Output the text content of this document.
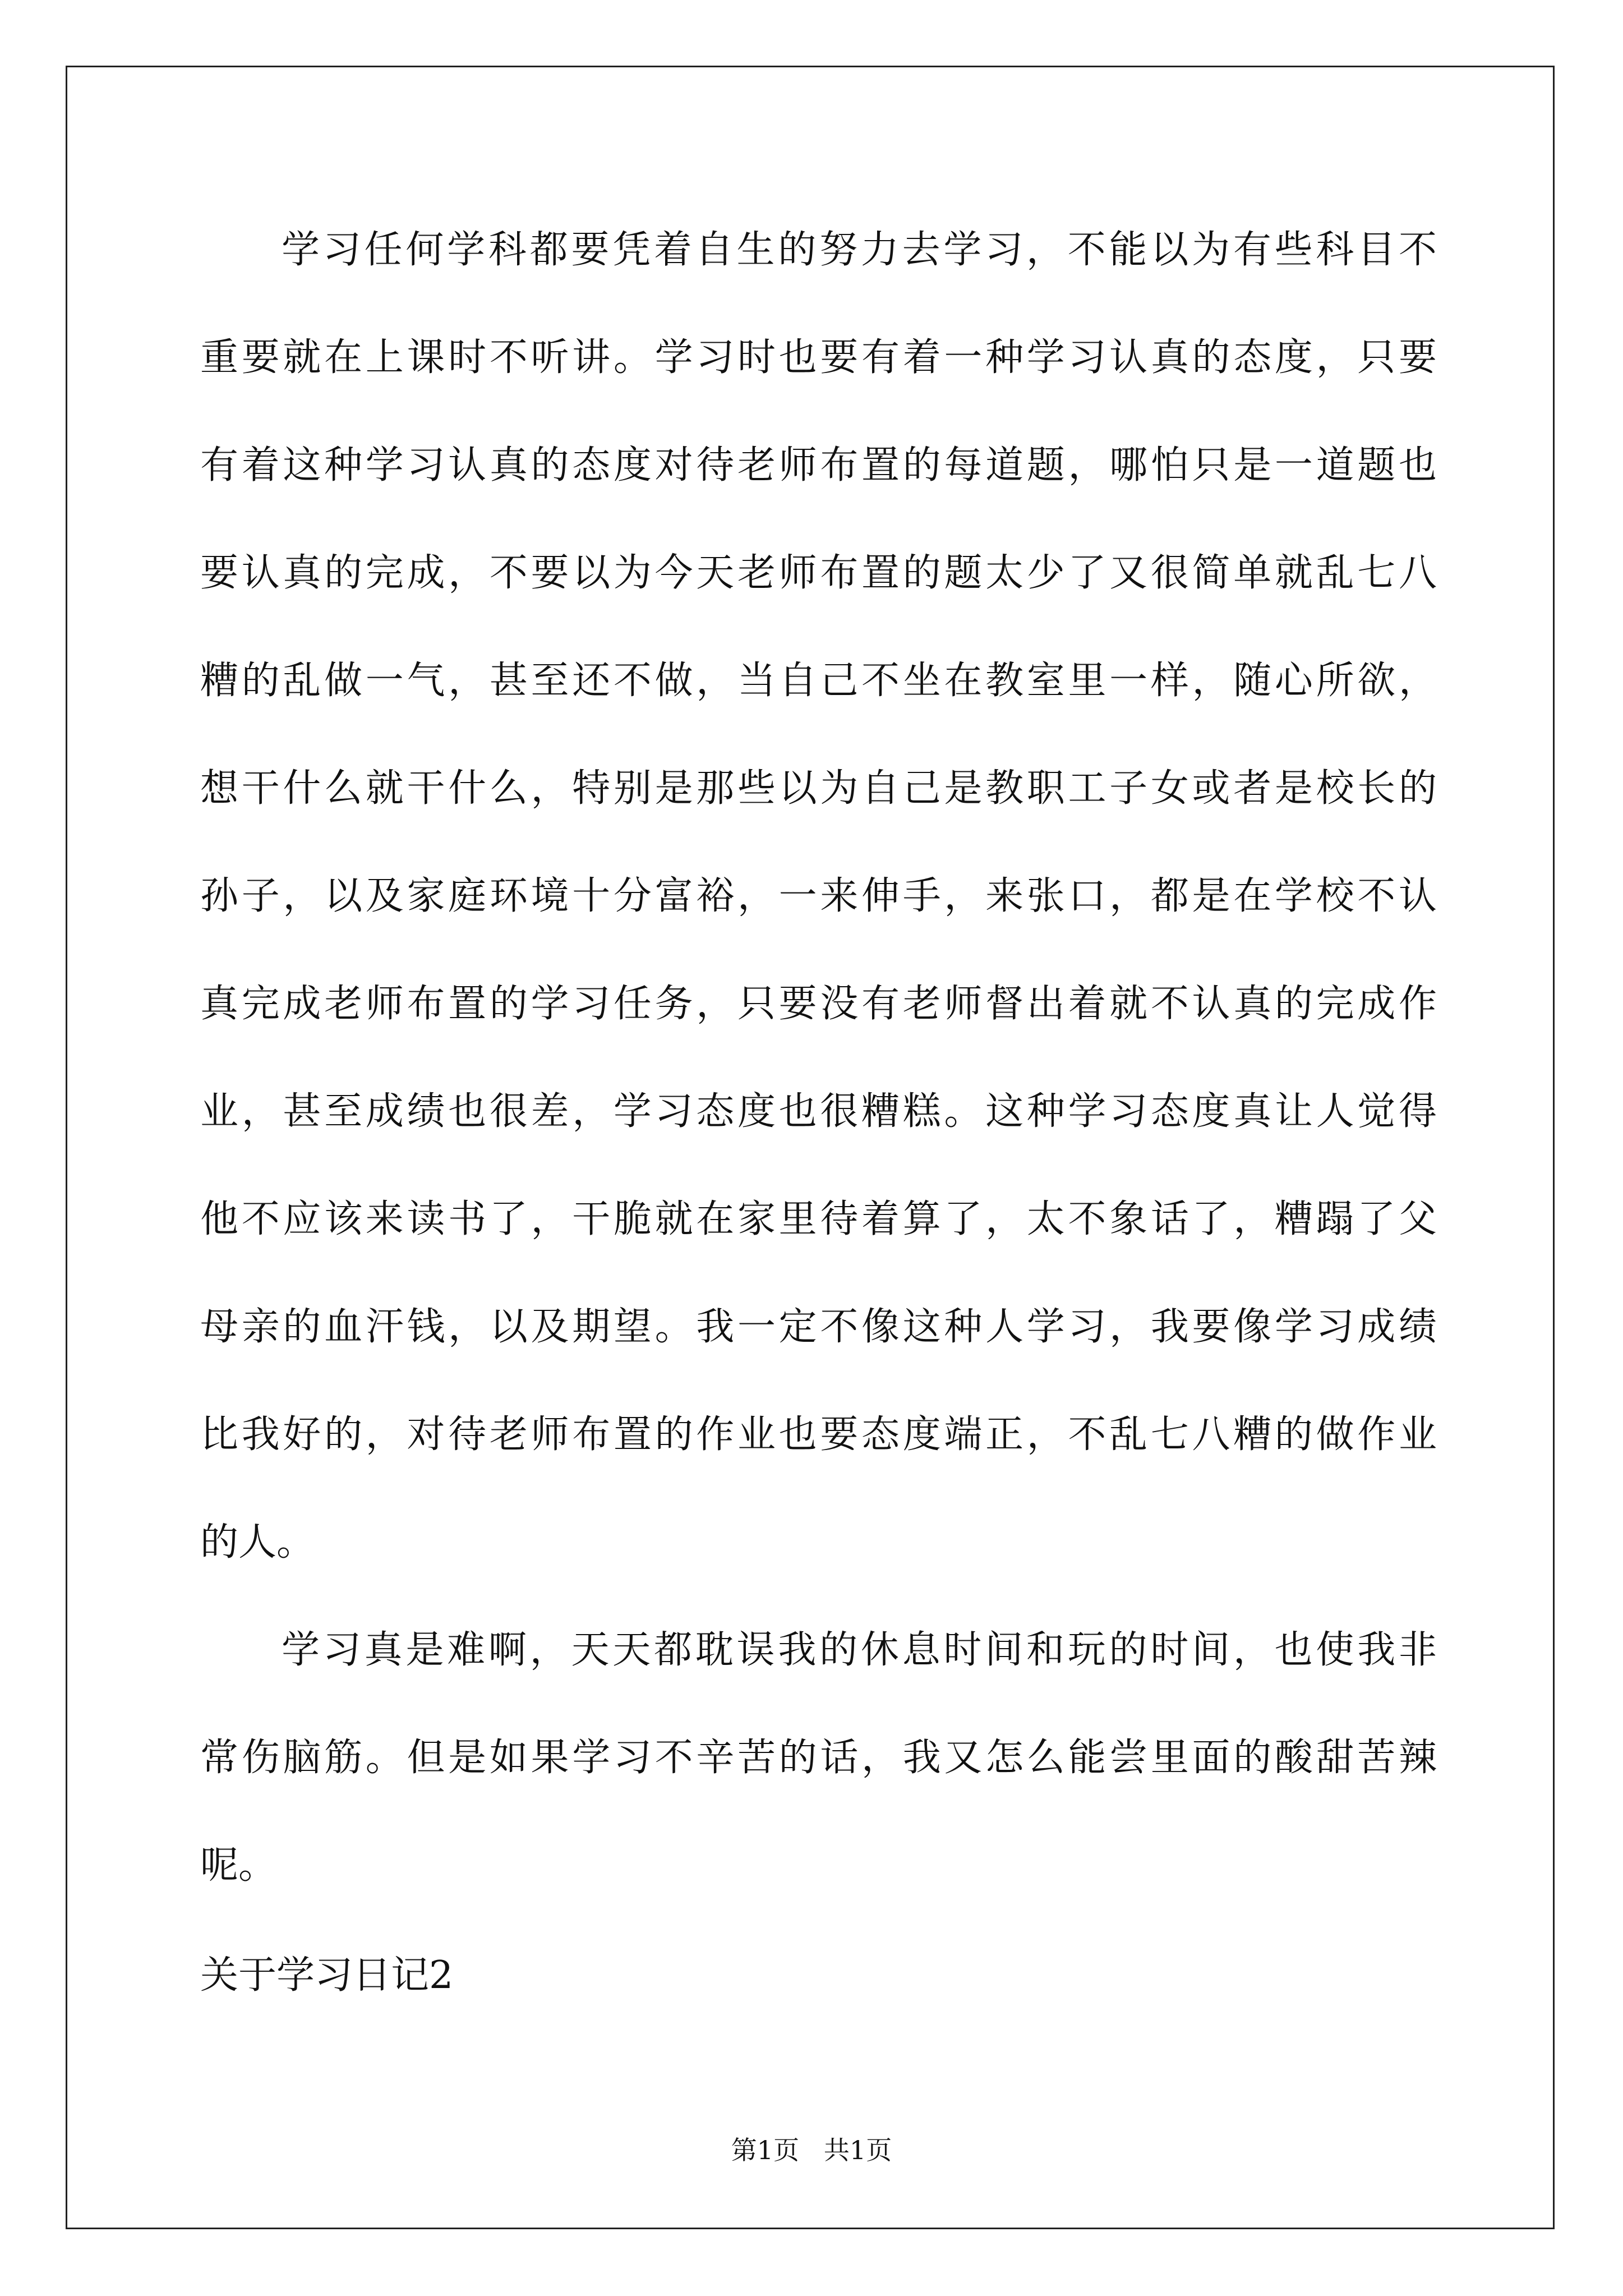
学习任何学科都要凭着自生的努力去学习，不能以为有些科目不
重要就在上课时不听讲。学习时也要有着一种学习认真的态度，只要
有着这种学习认真的态度对待老师布置的每道题，哪怕只是一道题也
要认真的完成，不要以为今天老师布置的题太少了又很简单就乱七八
糟的乱做一气，甚至还不做，当自己不坐在教室里一样，随心所欲，
想干什么就干什么，特别是那些以为自己是教职工子女或者是校长的
孙子，以及家庭环境十分富裕，一来伸手，来张口，都是在学校不认
真完成老师布置的学习任务，只要没有老师督出着就不认真的完成作
业，甚至成绩也很差，学习态度也很糟糕。这种学习态度真让人觉得
他不应该来读书了，干脆就在家里待着算了，太不象话了，糟蹋了父
母亲的血汗钱，以及期望。我一定不像这种人学习，我要像学习成绩
比我好的，对待老师布置的作业也要态度端正，不乱七八糟的做作业
的人。
学习真是难啊，天天都耽误我的休息时间和玩的时间，也使我非
常伤脑筋。但是如果学习不辛苦的话，我又怎么能尝里面的酸甜苦辣
呢。
关于学习日记2
第1页   共1页
